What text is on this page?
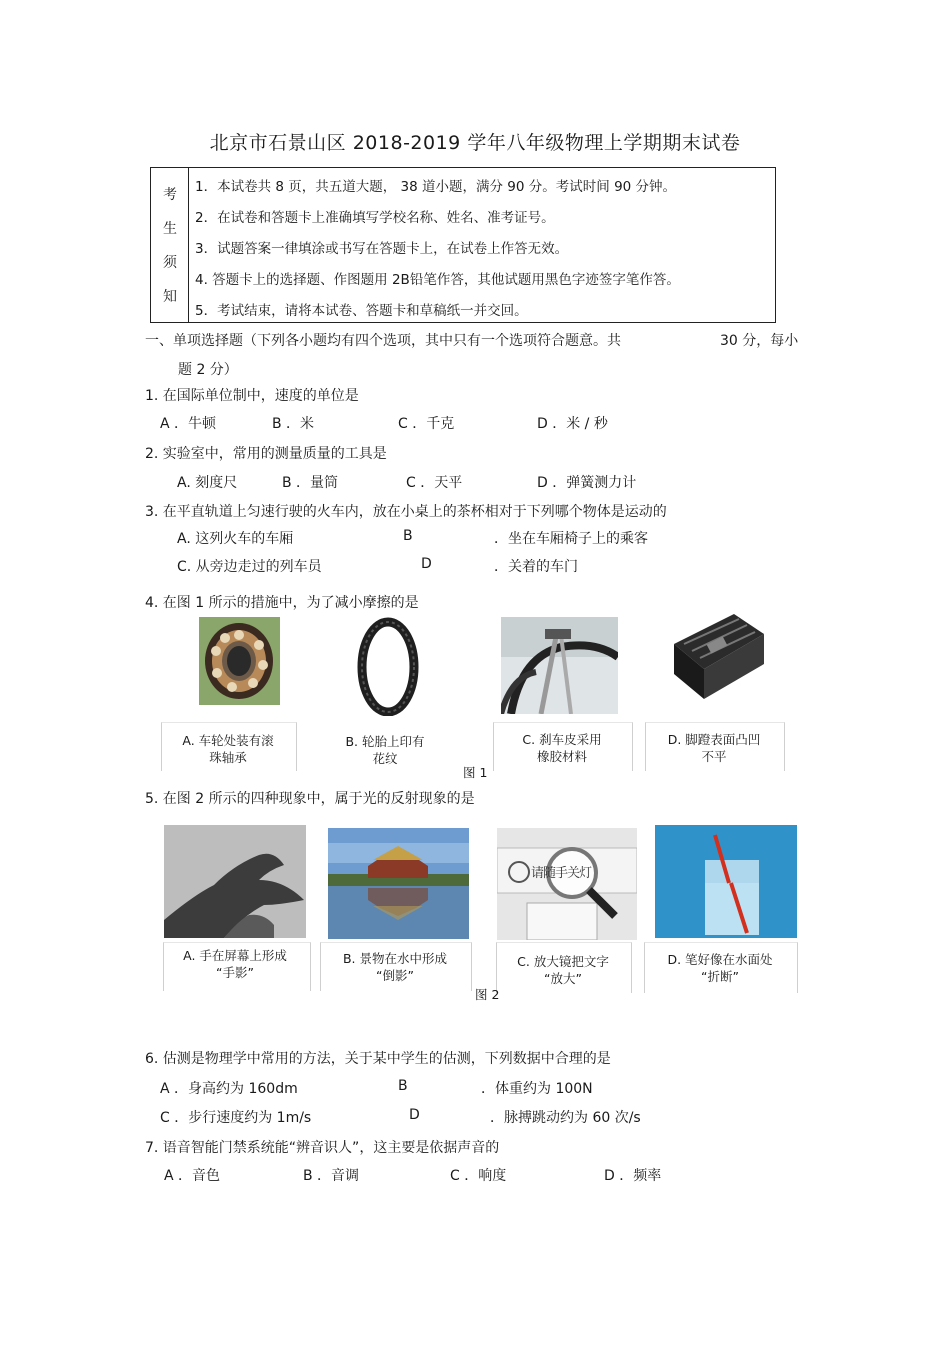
北京市石景山区 2018-2019 学年八年级物理上学期期末试卷
考
生
须
知
1．本试卷共 8 页，共五道大题， 38 道小题，满分 90 分。考试时间 90 分钟。
2．在试卷和答题卡上准确填写学校名称、姓名、准考证号。
3．试题答案一律填涂或书写在答题卡上，在试卷上作答无效。
4. 答题卡上的选择题、作图题用 2B铅笔作答，其他试题用黑色字迹签字笔作答。
5．考试结束，请将本试卷、答题卡和草稿纸一并交回。
一、单项选择题（下列各小题均有四个选项，其中只有一个选项符合题意。共	30 分，每小
题 2 分）
1. 在国际单位制中，速度的单位是
A ．牛顿	B ．米	C ．千克	D ．米 / 秒
2. 实验室中，常用的测量质量的工具是
A. 刻度尺	B ．量筒	C ．天平	D ．弹簧测力计
3. 在平直轨道上匀速行驶的火车内，放在小桌上的茶杯相对于下列哪个物体是运动的
A. 这列火车的车厢	B	．坐在车厢椅子上的乘客
C. 从旁边走过的列车员	D	．关着的车门
4. 在图 1 所示的措施中，为了减小摩擦的是
A. 车轮处装有滚
珠轴承
B. 轮胎上印有
花纹
C. 刹车皮采用
橡胶材料
D. 脚蹬表面凸凹
不平
图 1
5. 在图 2 所示的四种现象中，属于光的反射现象的是
请随手关灯
A. 手在屏幕上形成
“手影”
B. 景物在水中形成
“倒影”
C. 放大镜把文字
“放大”
D. 笔好像在水面处
“折断”
图 2
6. 估测是物理学中常用的方法，关于某中学生的估测，下列数据中合理的是
A ．身高约为 160dm	B	．体重约为 100N
C ．步行速度约为 1m/s	D	．脉搏跳动约为 60 次/s
7. 语音智能门禁系统能“辨音识人”，这主要是依据声音的
A ．音色	B ．音调	C ．响度	D ．频率
